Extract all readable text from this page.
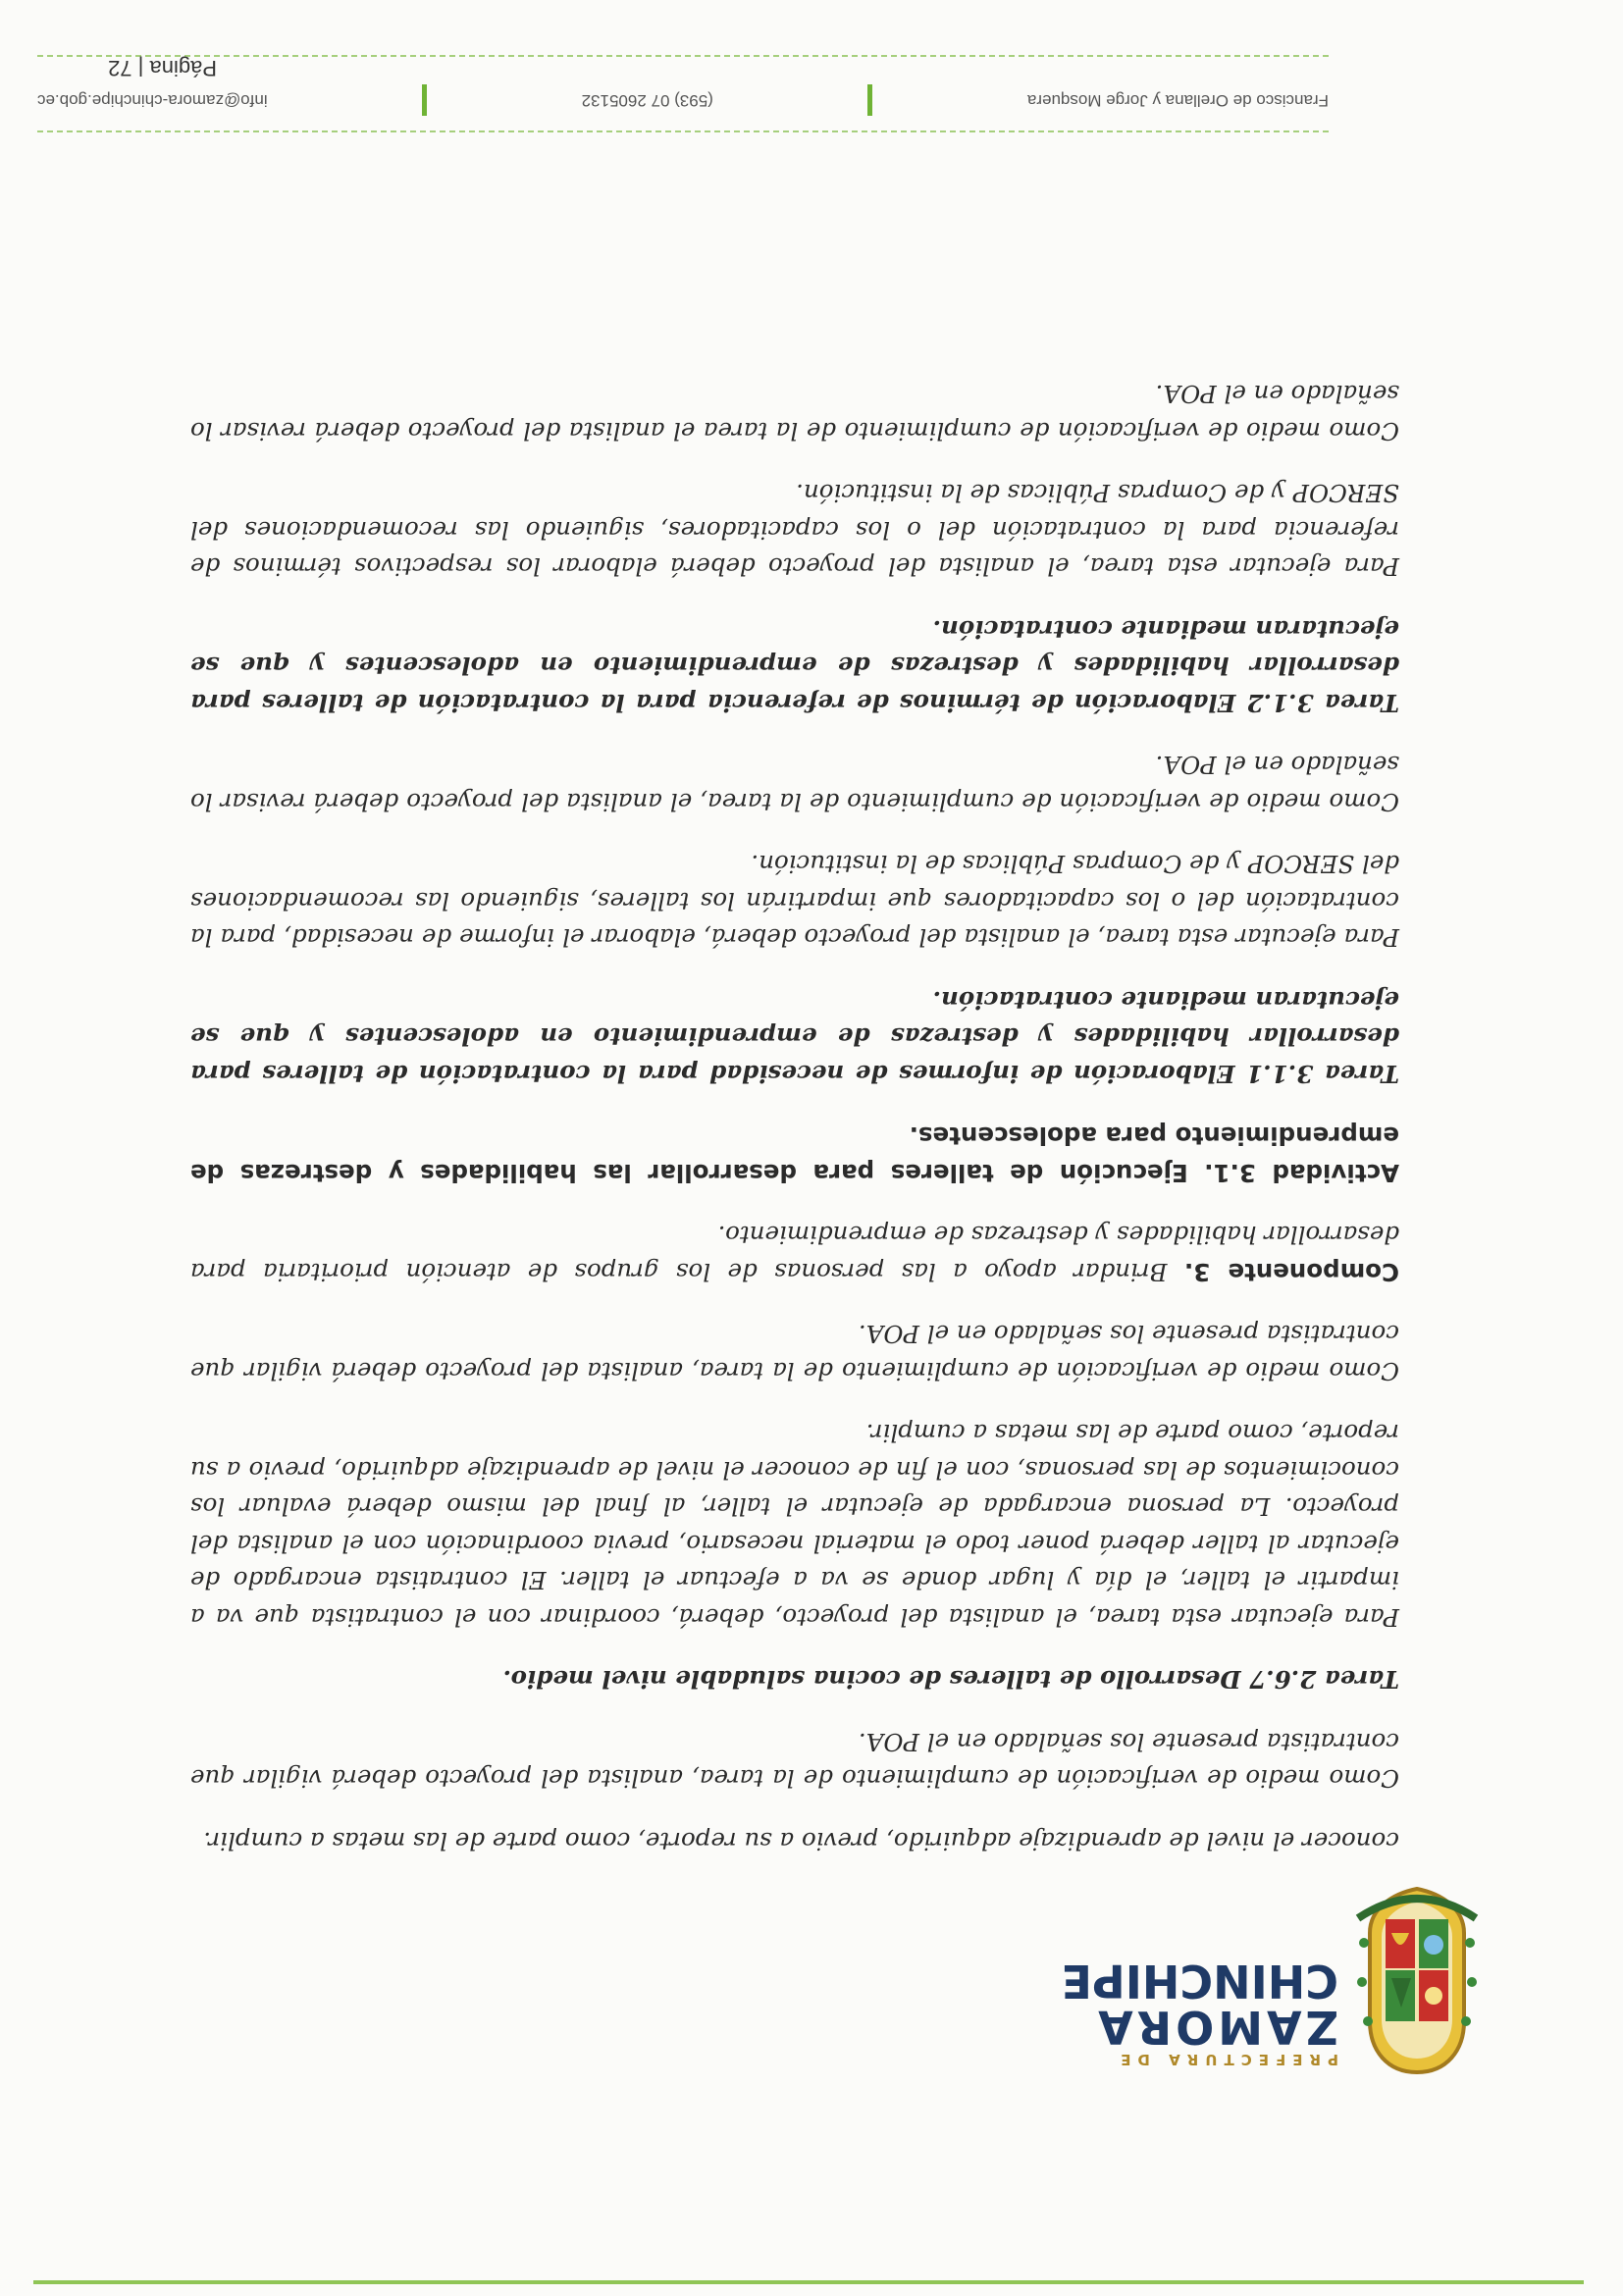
PREFECTURA DE
ZAMORA
CHINCHIPE

conocer el nivel de aprendizaje adquirido, previo a su reporte, como parte de las metas a cumplir.

Como medio de verificación de cumplimiento de la tarea, analista del proyecto deberá vigilar que contratista presente los señalado en el POA.

Tarea 2.6.7 Desarrollo de talleres de cocina saludable nivel medio.

Para ejecutar esta tarea, el analista del proyecto, deberá, coordinar con el contratista que va a impartir el taller, el día y lugar donde se va a efectuar el taller. El contratista encargado de ejecutar al taller deberá poner todo el material necesario, previa coordinación con el analista del proyecto. La persona encargada de ejecutar el taller, al final del mismo deberá evaluar los conocimientos de las personas, con el fin de conocer el nivel de aprendizaje adquirido, previo a su reporte, como parte de las metas a cumplir.

Como medio de verificación de cumplimiento de la tarea, analista del proyecto deberá vigilar que contratista presente los señalado en el POA.

Componente 3. Brindar apoyo a las personas de los grupos de atención prioritaria para desarrollar habilidades y destrezas de emprendimiento.

Actividad 3.1. Ejecución de talleres para desarrollar las habilidades y destrezas de emprendimiento para adolescentes.

Tarea 3.1.1 Elaboración de informes de necesidad para la contratación de talleres para desarrollar habilidades y destrezas de emprendimiento en adolescentes y que se ejecutaran mediante contratación.

Para ejecutar esta tarea, el analista del proyecto deberá, elaborar el informe de necesidad, para la contratación del o los capacitadores que impartirán los talleres, siguiendo las recomendaciones del SERCOP y de Compras Públicas de la institución.

Como medio de verificación de cumplimiento de la tarea, el analista del proyecto deberá revisar lo señalado en el POA.

Tarea 3.1.2 Elaboración de términos de referencia para la contratación de talleres para desarrollar habilidades y destrezas de emprendimiento en adolescentes y que se ejecutaran mediante contratación.

Para ejecutar esta tarea, el analista del proyecto deberá elaborar los respectivos términos de referencia para la contratación del o los capacitadores, siguiendo las recomendaciones del SERCOP y de Compras Públicas de la institución.

Como medio de verificación de cumplimiento de la tarea el analista del proyecto deberá revisar lo señalado en el POA.

Francisco de Orellana y Jorge Mosquera
(593) 07 2605132
info@zamora-chinchipe.gob.ec
Página | 72
